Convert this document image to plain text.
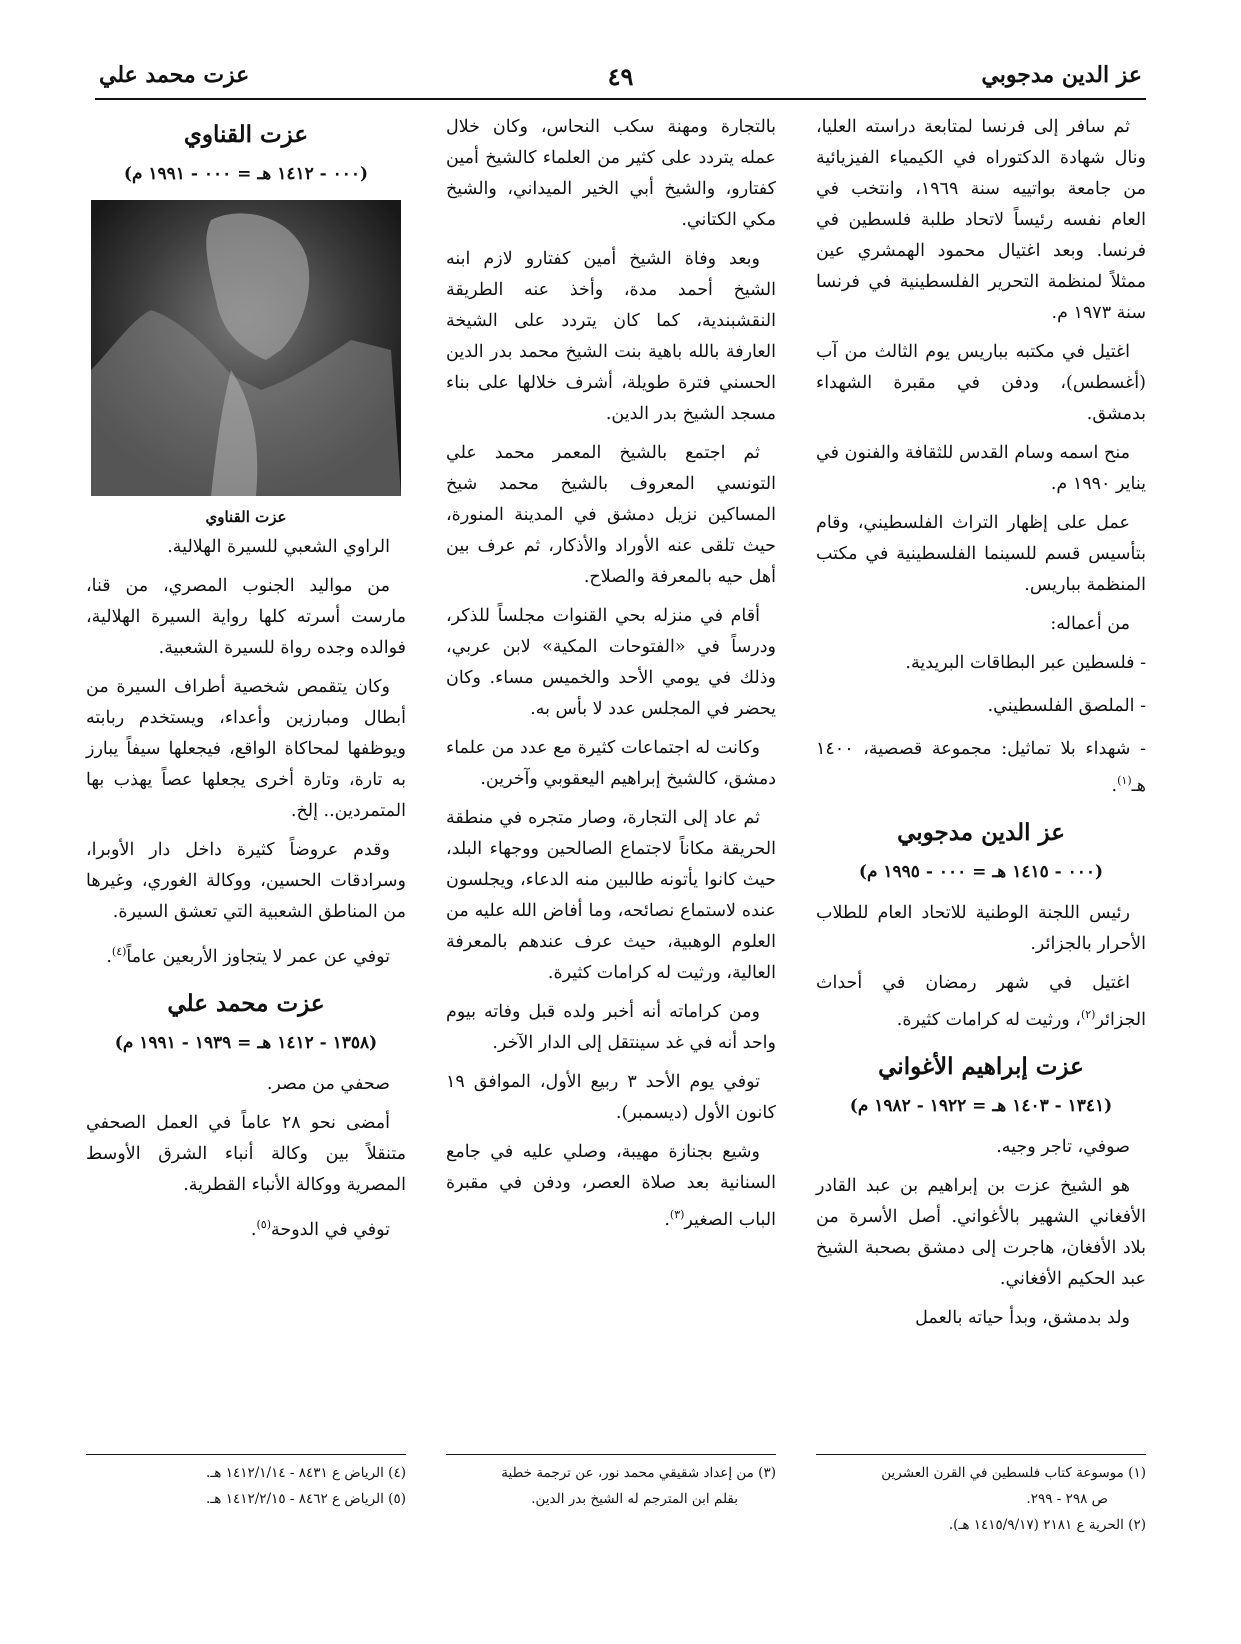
عز الدين مدجوبي
٤٩
عزت محمد علي

ثم سافر إلى فرنسا لمتابعة دراسته العليا، ونال شهادة الدكتوراه في الكيمياء الفيزيائية من جامعة بواتييه سنة ١٩٦٩، وانتخب في العام نفسه رئيساً لاتحاد طلبة فلسطين في فرنسا. وبعد اغتيال محمود الهمشري عين ممثلاً لمنظمة التحرير الفلسطينية في فرنسا سنة ١٩٧٣ م.

اغتيل في مكتبه بباريس يوم الثالث من آب (أغسطس)، ودفن في مقبرة الشهداء بدمشق.

منح اسمه وسام القدس للثقافة والفنون في يناير ١٩٩٠ م.

عمل على إظهار التراث الفلسطيني، وقام بتأسيس قسم للسينما الفلسطينية في مكتب المنظمة بباريس.

من أعماله:

- فلسطين عبر البطاقات البريدية.
- الملصق الفلسطيني.
- شهداء بلا تماثيل: مجموعة قصصية، ١٤٠٠ هـ$^{(١)}$.
عز الدين مدجوبي
(٠٠٠ - ١٤١٥ هـ = ٠٠٠ - ١٩٩٥ م)

رئيس اللجنة الوطنية للاتحاد العام للطلاب الأحرار بالجزائر.

اغتيل في شهر رمضان في أحداث الجزائر$^{(٢)}$، ورثيت له كرامات كثيرة.

عزت إبراهيم الأغواني
(١٣٤١ - ١٤٠٣ هـ = ١٩٢٢ - ١٩٨٢ م)

صوفي، تاجر وجيه.

هو الشيخ عزت بن إبراهيم بن عبد القادر الأفغاني الشهير بالأغواني. أصل الأسرة من بلاد الأفغان، هاجرت إلى دمشق بصحبة الشيخ عبد الحكيم الأفغاني.

ولد بدمشق، وبدأ حياته بالعمل

بالتجارة ومهنة سكب النحاس، وكان خلال عمله يتردد على كثير من العلماء كالشيخ أمين كفتارو، والشيخ أبي الخير الميداني، والشيخ مكي الكتاني.

وبعد وفاة الشيخ أمين كفتارو لازم ابنه الشيخ أحمد مدة، وأخذ عنه الطريقة النقشبندية، كما كان يتردد على الشيخة العارفة بالله باهية بنت الشيخ محمد بدر الدين الحسني فترة طويلة، أشرف خلالها على بناء مسجد الشيخ بدر الدين.

ثم اجتمع بالشيخ المعمر محمد علي التونسي المعروف بالشيخ محمد شيخ المساكين نزيل دمشق في المدينة المنورة، حيث تلقى عنه الأوراد والأذكار، ثم عرف بين أهل حيه بالمعرفة والصلاح.

أقام في منزله بحي القنوات مجلساً للذكر، ودرساً في «الفتوحات المكية» لابن عربي، وذلك في يومي الأحد والخميس مساء. وكان يحضر في المجلس عدد لا بأس به.

وكانت له اجتماعات كثيرة مع عدد من علماء دمشق، كالشيخ إبراهيم اليعقوبي وآخرين.

ثم عاد إلى التجارة، وصار متجره في منطقة الحريقة مكاناً لاجتماع الصالحين ووجهاء البلد، حيث كانوا يأتونه طالبين منه الدعاء، ويجلسون عنده لاستماع نصائحه، وما أفاض الله عليه من العلوم الوهبية، حيث عرف عندهم بالمعرفة العالية، ورثيت له كرامات كثيرة.

ومن كراماته أنه أخبر ولده قبل وفاته بيوم واحد أنه في غد سينتقل إلى الدار الآخر.

توفي يوم الأحد ٣ ربيع الأول، الموافق ١٩ كانون الأول (ديسمبر).

وشيع بجنازة مهيبة، وصلي عليه في جامع السنانية بعد صلاة العصر، ودفن في مقبرة الباب الصغير$^{(٣)}$.

عزت القناوي
(٠٠٠ - ١٤١٢ هـ = ٠٠٠ - ١٩٩١ م)
عزت القناوي

الراوي الشعبي للسيرة الهلالية.

من مواليد الجنوب المصري، من قنا، مارست أسرته كلها رواية السيرة الهلالية، فوالده وجده رواة للسيرة الشعبية.

وكان يتقمص شخصية أطراف السيرة من أبطال ومبارزين وأعداء، ويستخدم ربابته ويوظفها لمحاكاة الواقع، فيجعلها سيفاً يبارز به تارة، وتارة أخرى يجعلها عصاً يهذب بها المتمردين.. إلخ.

وقدم عروضاً كثيرة داخل دار الأوبرا، وسرادقات الحسين، ووكالة الغوري، وغيرها من المناطق الشعبية التي تعشق السيرة.

توفي عن عمر لا يتجاوز الأربعين عاماً$^{(٤)}$.

عزت محمد علي
(١٣٥٨ - ١٤١٢ هـ = ١٩٣٩ - ١٩٩١ م)

صحفي من مصر.

أمضى نحو ٢٨ عاماً في العمل الصحفي متنقلاً بين وكالة أنباء الشرق الأوسط المصرية ووكالة الأنباء القطرية.

توفي في الدوحة$^{(٥)}$.

(١) موسوعة كتاب فلسطين في القرن العشرين
ص ٢٩٨ - ٢٩٩.
(٢) الحرية ع ٢١٨١ (١٤١٥/٩/١٧ هـ).
(٣) من إعداد شقيقي محمد نور، عن ترجمة خطية
بقلم ابن المترجم له الشيخ بدر الدين.
(٤) الرياض ع ٨٤٣١ - ١٤١٢/١/١٤ هـ.
(٥) الرياض ع ٨٤٦٢ - ١٤١٢/٢/١٥ هـ.
